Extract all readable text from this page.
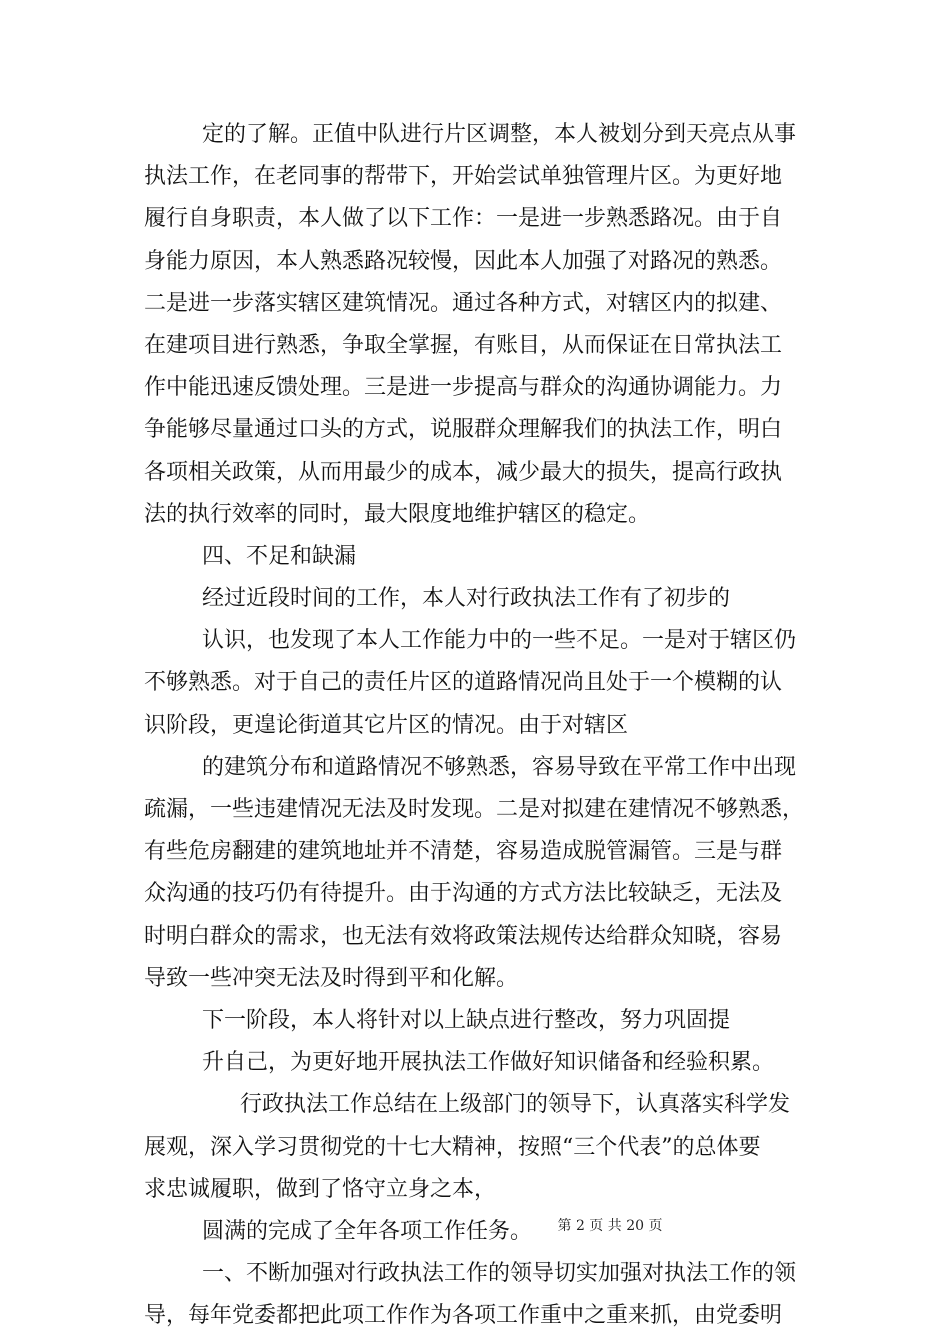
定的了解。正值中队进行片区调整，本人被划分到天亮点从事
执法工作，在老同事的帮带下，开始尝试单独管理片区。为更好地
履行自身职责，本人做了以下工作：一是进一步熟悉路况。由于自
身能力原因，本人熟悉路况较慢，因此本人加强了对路况的熟悉。
二是进一步落实辖区建筑情况。通过各种方式，对辖区内的拟建、
在建项目进行熟悉，争取全掌握，有账目，从而保证在日常执法工
作中能迅速反馈处理。三是进一步提高与群众的沟通协调能力。力
争能够尽量通过口头的方式，说服群众理解我们的执法工作，明白
各项相关政策，从而用最少的成本，减少最大的损失，提高行政执
法的执行效率的同时，最大限度地维护辖区的稳定。
四、不足和缺漏
经过近段时间的工作，本人对行政执法工作有了初步的
认识，也发现了本人工作能力中的一些不足。一是对于辖区仍
不够熟悉。对于自己的责任片区的道路情况尚且处于一个模糊的认
识阶段，更遑论街道其它片区的情况。由于对辖区
的建筑分布和道路情况不够熟悉，容易导致在平常工作中出现
疏漏，一些违建情况无法及时发现。二是对拟建在建情况不够熟悉，
有些危房翻建的建筑地址并不清楚，容易造成脱管漏管。三是与群
众沟通的技巧仍有待提升。由于沟通的方式方法比较缺乏，无法及
时明白群众的需求，也无法有效将政策法规传达给群众知晓，容易
导致一些冲突无法及时得到平和化解。
下一阶段，本人将针对以上缺点进行整改，努力巩固提
升自己，为更好地开展执法工作做好知识储备和经验积累。
行政执法工作总结在上级部门的领导下，认真落实科学发
展观，深入学习贯彻党的十七大精神，按照“三个代表”的总体要
求忠诚履职，做到了恪守立身之本，
圆满的完成了全年各项工作任务。
一、不断加强对行政执法工作的领导切实加强对执法工作的领
导，每年党委都把此项工作作为各项工作重中之重来抓，由党委明
第 2 页 共 20 页
